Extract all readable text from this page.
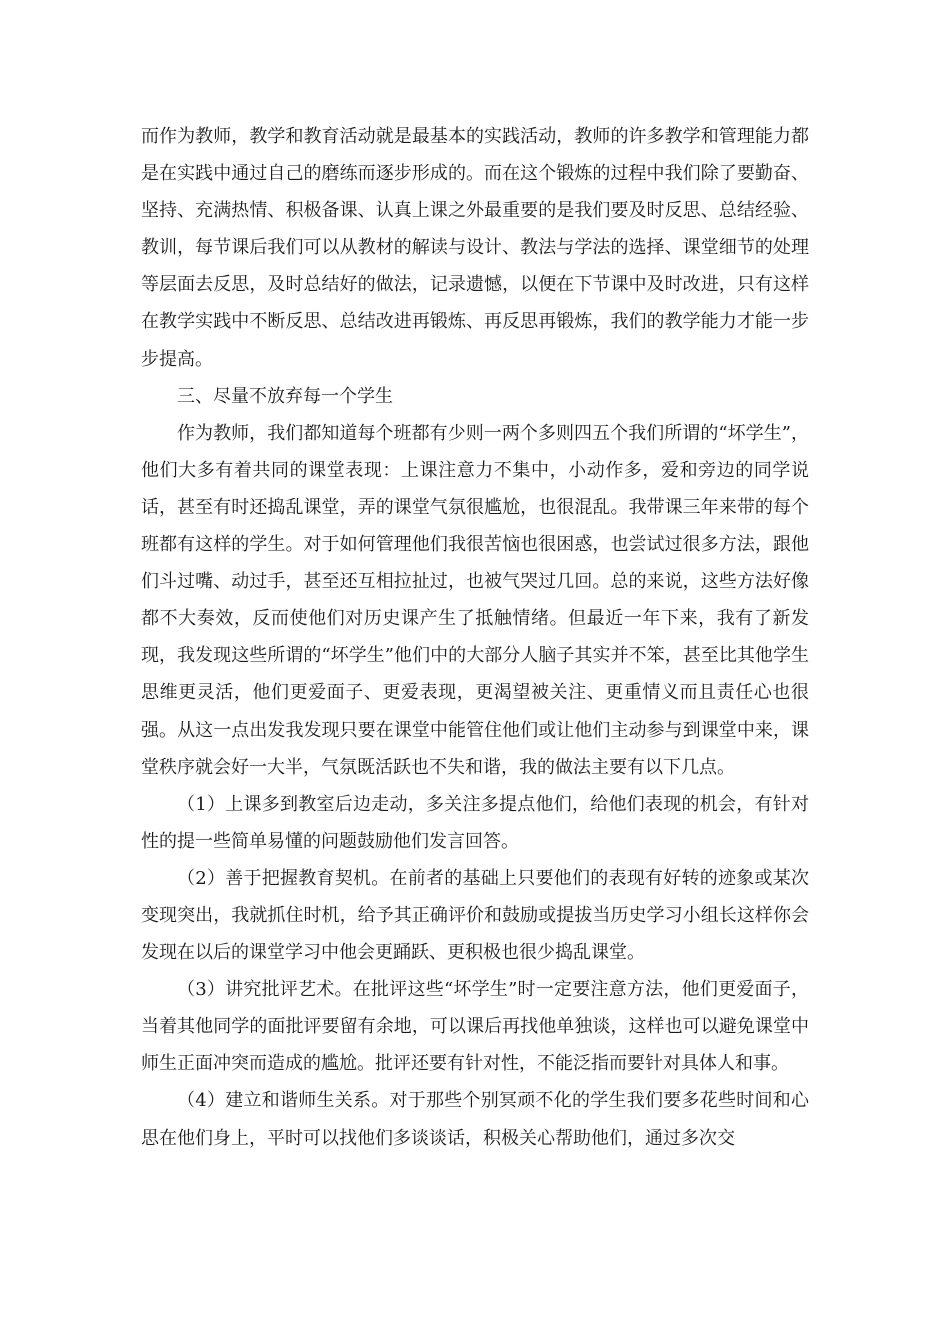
而作为教师，教学和教育活动就是最基本的实践活动，教师的许多教学和管理能力都是在实践中通过自己的磨练而逐步形成的。而在这个锻炼的过程中我们除了要勤奋、坚持、充满热情、积极备课、认真上课之外最重要的是我们要及时反思、总结经验、教训，每节课后我们可以从教材的解读与设计、教法与学法的选择、课堂细节的处理等层面去反思，及时总结好的做法，记录遗憾，以便在下节课中及时改进，只有这样在教学实践中不断反思、总结改进再锻炼、再反思再锻炼，我们的教学能力才能一步步提高。

三、尽量不放弃每一个学生

作为教师，我们都知道每个班都有少则一两个多则四五个我们所谓的“坏学生”，他们大多有着共同的课堂表现：上课注意力不集中，小动作多，爱和旁边的同学说话，甚至有时还捣乱课堂，弄的课堂气氛很尴尬，也很混乱。我带课三年来带的每个班都有这样的学生。对于如何管理他们我很苦恼也很困惑，也尝试过很多方法，跟他们斗过嘴、动过手，甚至还互相拉扯过，也被气哭过几回。总的来说，这些方法好像都不大奏效，反而使他们对历史课产生了抵触情绪。但最近一年下来，我有了新发现，我发现这些所谓的“坏学生”他们中的大部分人脑子其实并不笨，甚至比其他学生思维更灵活，他们更爱面子、更爱表现，更渴望被关注、更重情义而且责任心也很强。从这一点出发我发现只要在课堂中能管住他们或让他们主动参与到课堂中来，课堂秩序就会好一大半，气氛既活跃也不失和谐，我的做法主要有以下几点。

（1）上课多到教室后边走动，多关注多提点他们，给他们表现的机会，有针对性的提一些简单易懂的问题鼓励他们发言回答。

（2）善于把握教育契机。在前者的基础上只要他们的表现有好转的迹象或某次变现突出，我就抓住时机，给予其正确评价和鼓励或提拔当历史学习小组长这样你会发现在以后的课堂学习中他会更踊跃、更积极也很少捣乱课堂。

（3）讲究批评艺术。在批评这些“坏学生”时一定要注意方法，他们更爱面子，当着其他同学的面批评要留有余地，可以课后再找他单独谈，这样也可以避免课堂中师生正面冲突而造成的尴尬。批评还要有针对性，不能泛指而要针对具体人和事。

（4）建立和谐师生关系。对于那些个别冥顽不化的学生我们要多花些时间和心思在他们身上，平时可以找他们多谈谈话，积极关心帮助他们，通过多次交
